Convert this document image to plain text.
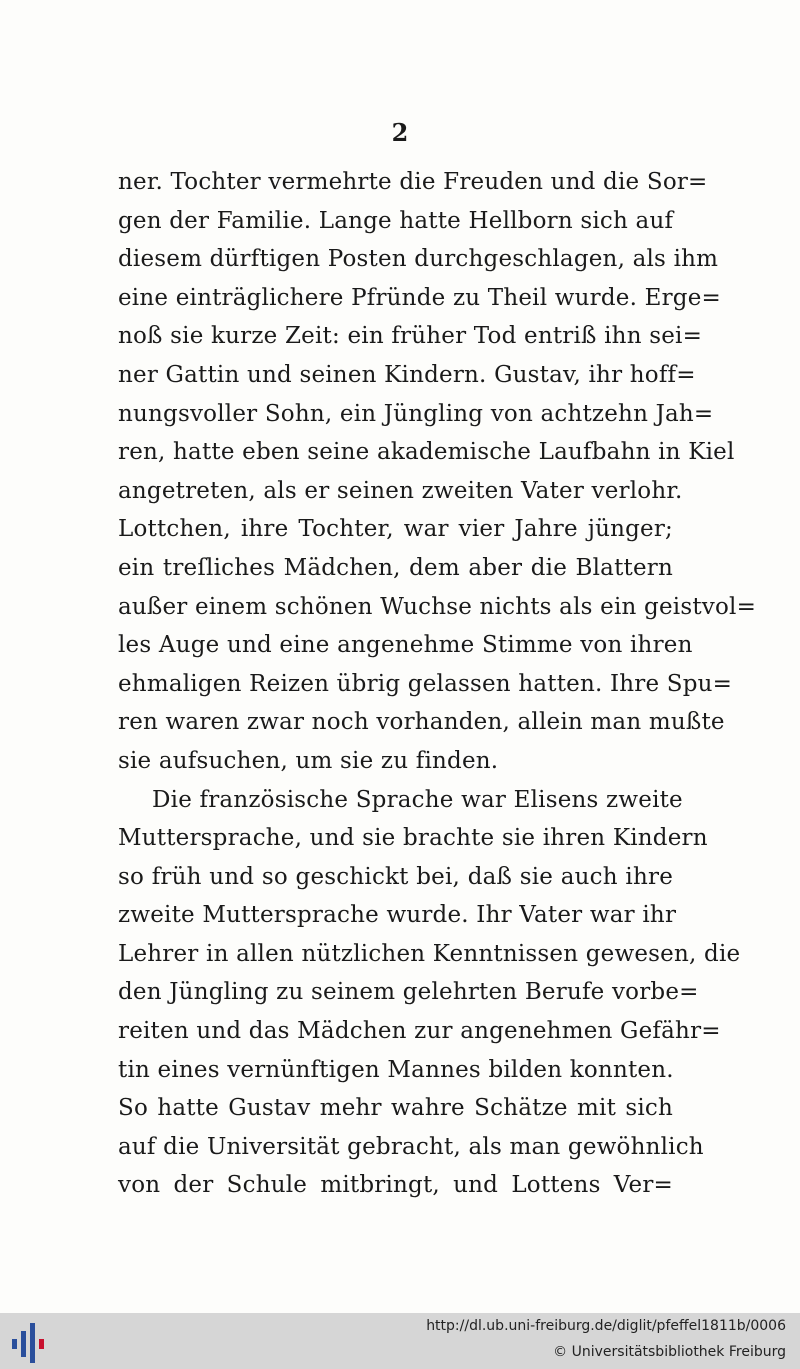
2
ner. Tochter vermehrte die Freuden und die Sor=
gen der Familie. Lange hatte Hellborn sich auf
diesem dürftigen Posten durchgeschlagen, als ihm
eine einträglichere Pfründe zu Theil wurde. Erge=
noß sie kurze Zeit: ein früher Tod entriß ihn sei=
ner Gattin und seinen Kindern. Gustav, ihr hoff=
nungsvoller Sohn, ein Jüngling von achtzehn Jah=
ren, hatte eben seine akademische Laufbahn in Kiel
angetreten, als er seinen zweiten Vater verlohr.
Lottchen, ihre Tochter, war vier Jahre jünger;
ein treſliches Mädchen, dem aber die Blattern
außer einem schönen Wuchse nichts als ein geistvol=
les Auge und eine angenehme Stimme von ihren
ehmaligen Reizen übrig gelassen hatten. Ihre Spu=
ren waren zwar noch vorhanden, allein man mußte
sie aufsuchen, um sie zu finden.
Die französische Sprache war Elisens zweite
Muttersprache, und sie brachte sie ihren Kindern
so früh und so geschickt bei, daß sie auch ihre
zweite Muttersprache wurde. Ihr Vater war ihr
Lehrer in allen nützlichen Kenntnissen gewesen, die
den Jüngling zu seinem gelehrten Berufe vorbe=
reiten und das Mädchen zur angenehmen Gefähr=
tin eines vernünftigen Mannes bilden konnten.
So hatte Gustav mehr wahre Schätze mit sich
auf die Universität gebracht, als man gewöhnlich
von der Schule mitbringt, und Lottens Ver=
http://dl.ub.uni-freiburg.de/diglit/pfeffel1811b/0006
© Universitätsbibliothek Freiburg
